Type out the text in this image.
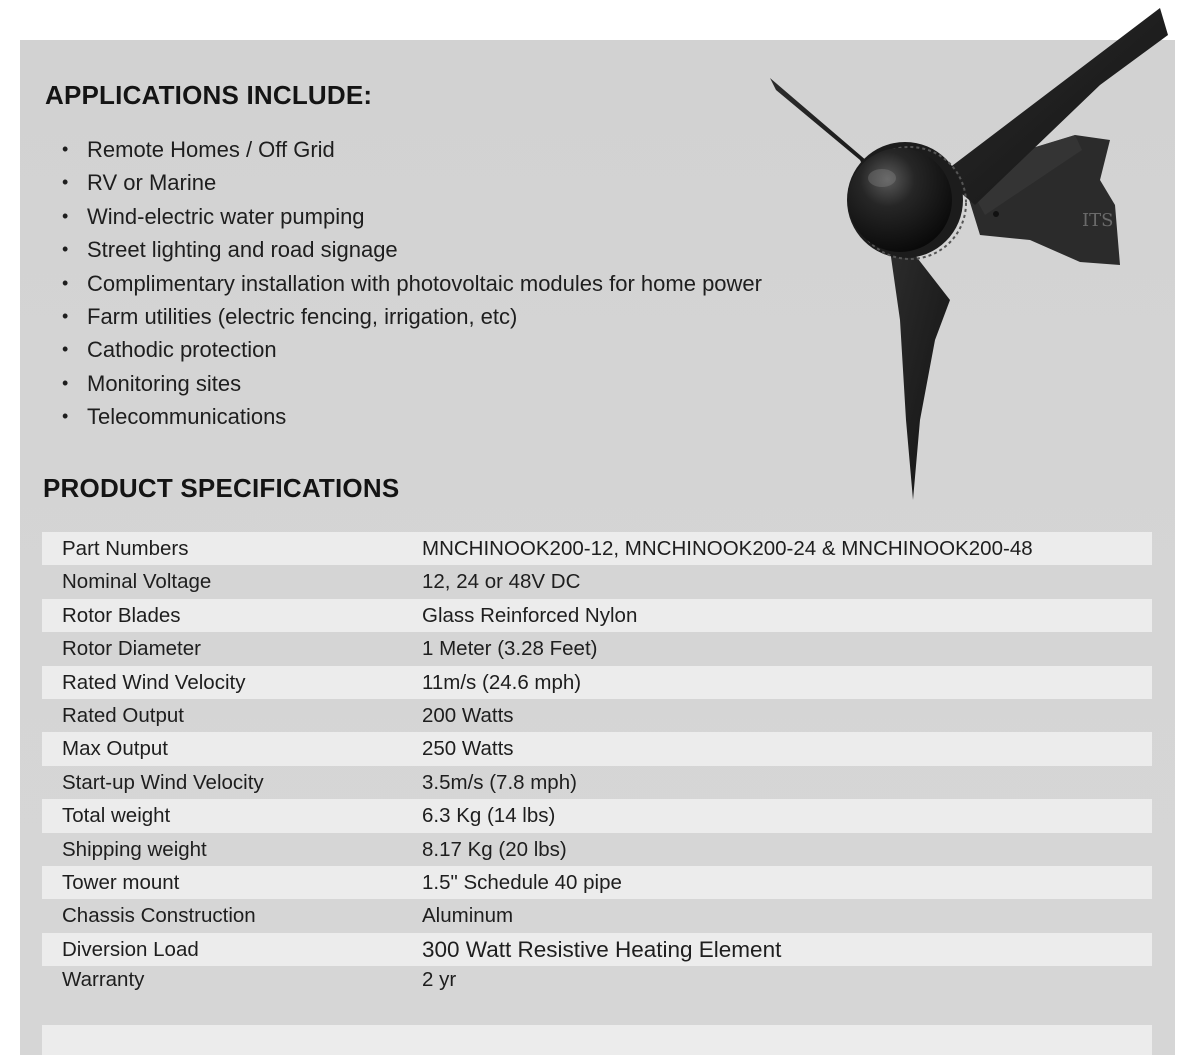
APPLICATIONS INCLUDE:
• Remote Homes / Off Grid
• RV or Marine
• Wind-electric water pumping
• Street lighting and road signage
• Complimentary installation with photovoltaic modules for home power
• Farm utilities (electric fencing, irrigation, etc)
• Cathodic protection
• Monitoring sites
• Telecommunications
ITS
PRODUCT SPECIFICATIONS
Part Numbers	MNCHINOOK200-12, MNCHINOOK200-24 & MNCHINOOK200-48
Nominal Voltage	12, 24 or 48V DC
Rotor Blades	Glass Reinforced Nylon
Rotor Diameter	1 Meter (3.28 Feet)
Rated Wind Velocity	11m/s (24.6 mph)
Rated Output	200 Watts
Max Output	250 Watts
Start-up Wind Velocity	3.5m/s (7.8 mph)
Total weight	6.3 Kg (14 lbs)
Shipping weight	8.17 Kg (20 lbs)
Tower mount	1.5" Schedule 40 pipe
Chassis Construction	Aluminum
Diversion Load	300 Watt Resistive Heating Element
Warranty	2 yr
